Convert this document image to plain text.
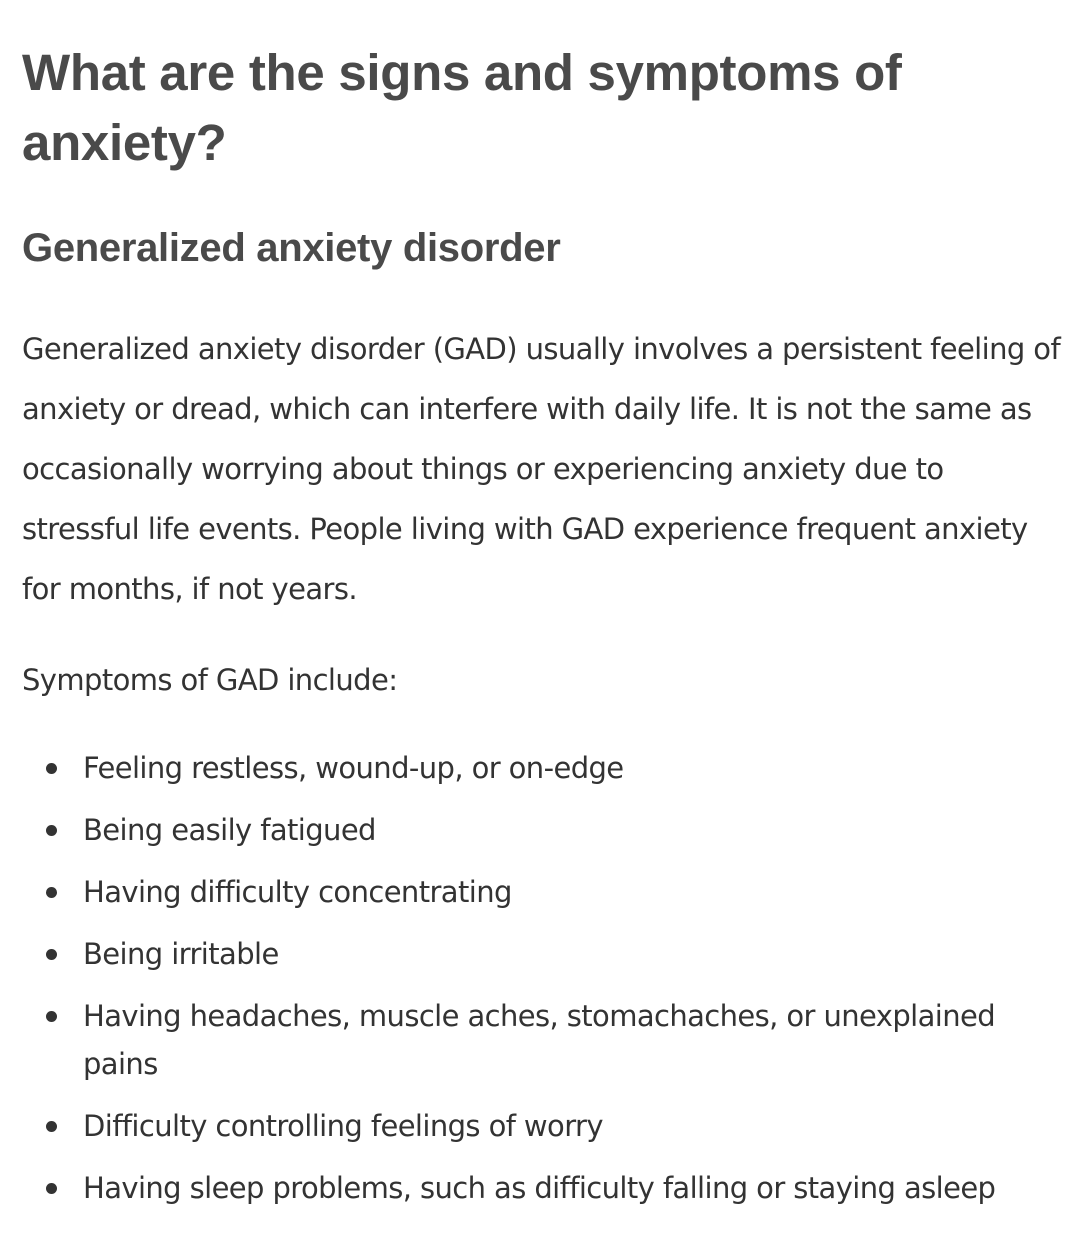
What are the signs and symptoms of anxiety?
Generalized anxiety disorder

Generalized anxiety disorder (GAD) usually involves a persistent feeling of anxiety or dread, which can interfere with daily life. It is not the same as occasionally worrying about things or experiencing anxiety due to stressful life events. People living with GAD experience frequent anxiety for months, if not years.

Symptoms of GAD include:

Feeling restless, wound-up, or on-edge
Being easily fatigued
Having difficulty concentrating
Being irritable
Having headaches, muscle aches, stomachaches, or unexplained pains
Difficulty controlling feelings of worry
Having sleep problems, such as difficulty falling or staying asleep
